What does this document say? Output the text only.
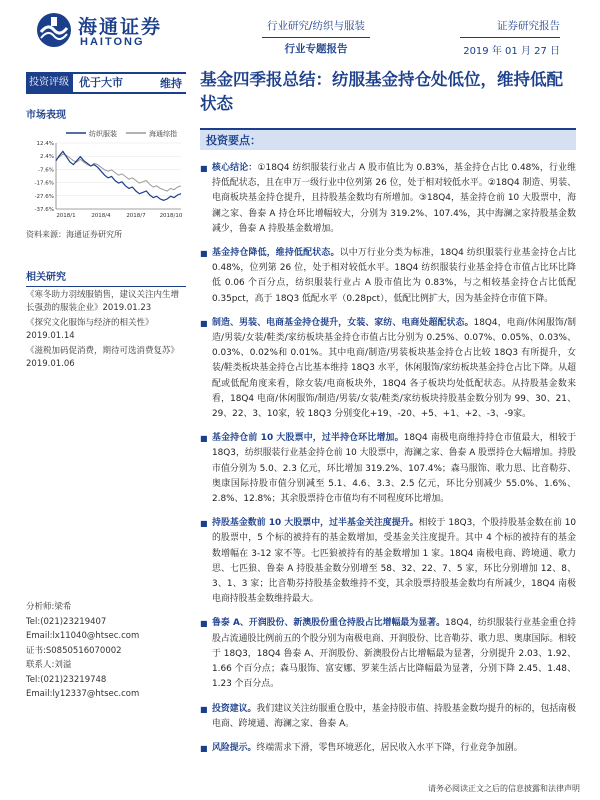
海通证券
HAITONG
行业研究/纺织与服装
行业专题报告
证券研究报告
2019 年 01 月 27 日
投资评级 优于大市	维持
市场表现
纺织服装	海通综指
-37.6%
-27.6%
-17.6%
-7.6%
2.4%
12.4%
2018/1	2018/4	2018/7	2018/10
资料来源：海通证券研究所
相关研究
《寒冬助力羽绒服销售，建议关注内生增长强劲的服装企业》2019.01.23
《探究文化服饰与经济的相关性》2019.01.14
《滋税加码促消费，期待可选消费复苏》2019.01.06
分析师:梁希
Tel:(021)23219407
Email:lx11040@htsec.com
证书:S0850516070002
联系人:刘溢
Tel:(021)23219748
Email:ly12337@htsec.com
基金四季报总结：纺服基金持仓处低位，维持低配状态
投资要点：
■ 核心结论：①18Q4 纺织服装行业占 A 股市值比为 0.83%，基金持仓占比 0.48%，行业维持低配状态，且在申万一级行业中位列第 26 位，处于相对较低水平。②18Q4 制造、男装、电商板块基金持仓提升，且持股基金数均有所增加。③18Q4，基金持仓前 10 大股票中，海澜之家、鲁泰 A 持仓环比增幅较大，分别为 319.2%、107.4%，其中海澜之家持股基金数减少，鲁泰 A 持股基金数增加。
■ 基金持仓降低，维持低配状态。以中万行业分类为标准，18Q4 纺织服装行业基金持仓占比 0.48%，位列第 26 位，处于相对较低水平。18Q4 纺织服装行业基金持仓市值占比环比降低 0.06 个百分点，纺织服装行业占 A 股市值比为 0.83%，与之相较基金持仓占比低配 0.35pct，高于 18Q3 低配水平（0.28pct），低配比例扩大，因为基金持仓市值下降。
■ 制造、男装、电商基金持仓提升，女装、家纺、电商处超配状态。18Q4，电商/休闲服饰/制造/男装/女装/鞋类/家纺板块基金持仓市值占比分别为 0.25%、0.07%、0.05%、0.03%、0.03%、0.02%和 0.01%。其中电商/制造/男装板块基金持仓占比较 18Q3 有所提升，女装/鞋类板块基金持仓占比基本维持 18Q3 水平，休闲服饰/家纺板块基金持仓占比下降。从超配或低配角度来看，除女装/电商板块外，18Q4 各子板块均处低配状态。从持股基金数来看，18Q4 电商/休闲服饰/制造/男装/女装/鞋类/家纺板块持股基金数分别为 99、30、21、29、22、3、10家，较 18Q3 分别变化+19、-20、+5、+1、+2、-3、-9家。
■ 基金持仓前 10 大股票中，过半持仓环比增加。18Q4 南极电商维持持仓市值最大，相较于 18Q3，纺织服装行业基金持仓前 10 大股票中，海澜之家、鲁泰 A 股票持仓大幅增加。持股市值分别为 5.0、2.3 亿元，环比增加 319.2%、107.4%；森马服饰、歌力思、比音勒芬、奥康国际持股市值分别减至 5.1、4.6、3.3、2.5 亿元，环比分别减少 55.0%、1.6%、2.8%、12.8%；其余股票持仓市值均有不同程度环比增加。
■ 持股基金数前 10 大股票中，过半基金关注度提升。相较于 18Q3，个股持股基金数在前 10 的股票中，5 个标的被持有的基金数增加，受基金关注度提升。其中 4 个标的被持有的基金数增幅在 3-12 家不等。七匹狼被持有的基金数增加 1 家。18Q4 南极电商、跨境通、歌力思、七匹狼、鲁泰 A 持股基金数分别增至 58、32、22、7、5 家，环比分别增加 12、8、3、1、3 家；比音勒芬持股基金数维持不变，其余股票持股基金数均有所减少，18Q4 南极电商持股基金数维持最大。
■ 鲁泰 A、开润股份、新澳股份重仓持股占比增幅最为显著。18Q4，纺织服装行业基金重仓持股占流通股比例前五的个股分别为南极电商、开润股份、比音勒芬、歌力思、奥康国际。相较于 18Q3，18Q4 鲁泰 A、开润股份、新澳股份占比增幅最为显著，分别提升 2.03、1.92、1.66 个百分点；森马服饰、富安娜、罗莱生活占比降幅最为显著，分别下降 2.45、1.48、1.23 个百分点。
■ 投资建议。我们建议关注纺服重仓股中，基金持股市值、持股基金数均提升的标的，包括南极电商、跨境通、海澜之家、鲁泰 A。
■ 风险提示。终端需求下滑，零售环境恶化，居民收入水平下降，行业竞争加剧。
请务必阅读正文之后的信息披露和法律声明
